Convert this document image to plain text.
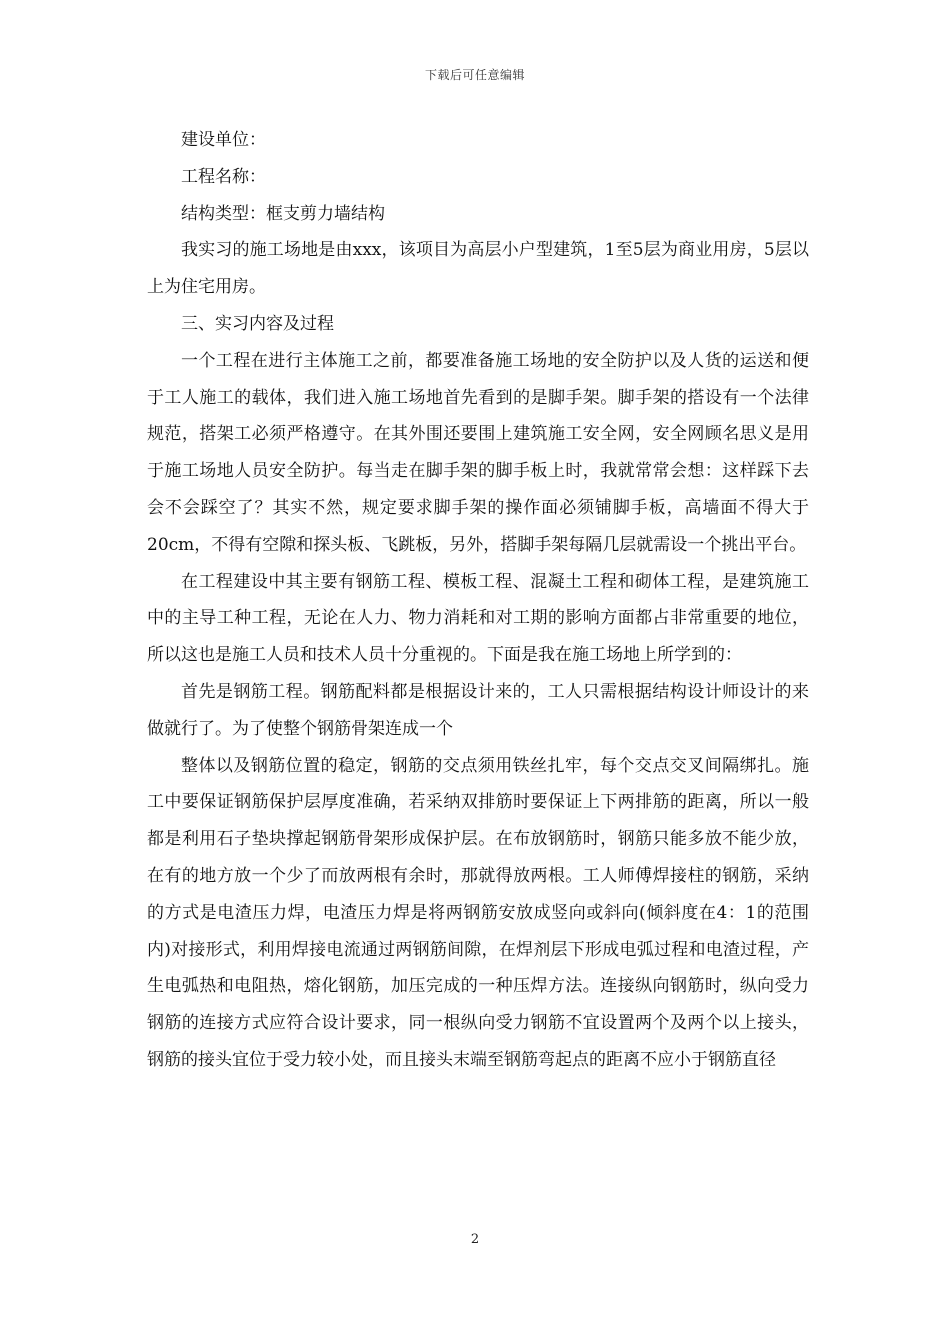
下载后可任意编辑

建设单位：

工程名称：

结构类型：框支剪力墙结构

我实习的施工场地是由xxx，该项目为高层小户型建筑，1至5层为商业用房，5层以上为住宅用房。

三、实习内容及过程

一个工程在进行主体施工之前，都要准备施工场地的安全防护以及人货的运送和便于工人施工的载体，我们进入施工场地首先看到的是脚手架。脚手架的搭设有一个法律规范，搭架工必须严格遵守。在其外围还要围上建筑施工安全网，安全网顾名思义是用于施工场地人员安全防护。每当走在脚手架的脚手板上时，我就常常会想：这样踩下去会不会踩空了？其实不然，规定要求脚手架的操作面必须铺脚手板，高墙面不得大于20cm，不得有空隙和探头板、飞跳板，另外，搭脚手架每隔几层就需设一个挑出平台。

在工程建设中其主要有钢筋工程、模板工程、混凝土工程和砌体工程，是建筑施工中的主导工种工程，无论在人力、物力消耗和对工期的影响方面都占非常重要的地位，所以这也是施工人员和技术人员十分重视的。下面是我在施工场地上所学到的：

首先是钢筋工程。钢筋配料都是根据设计来的，工人只需根据结构设计师设计的来做就行了。为了使整个钢筋骨架连成一个

整体以及钢筋位置的稳定，钢筋的交点须用铁丝扎牢，每个交点交叉间隔绑扎。施工中要保证钢筋保护层厚度准确，若采纳双排筋时要保证上下两排筋的距离，所以一般都是利用石子垫块撑起钢筋骨架形成保护层。在布放钢筋时，钢筋只能多放不能少放，在有的地方放一个少了而放两根有余时，那就得放两根。工人师傅焊接柱的钢筋，采纳的方式是电渣压力焊，电渣压力焊是将两钢筋安放成竖向或斜向(倾斜度在4：1的范围内)对接形式，利用焊接电流通过两钢筋间隙，在焊剂层下形成电弧过程和电渣过程，产生电弧热和电阻热，熔化钢筋，加压完成的一种压焊方法。连接纵向钢筋时，纵向受力钢筋的连接方式应符合设计要求，同一根纵向受力钢筋不宜设置两个及两个以上接头，钢筋的接头宜位于受力较小处，而且接头末端至钢筋弯起点的距离不应小于钢筋直径

2
